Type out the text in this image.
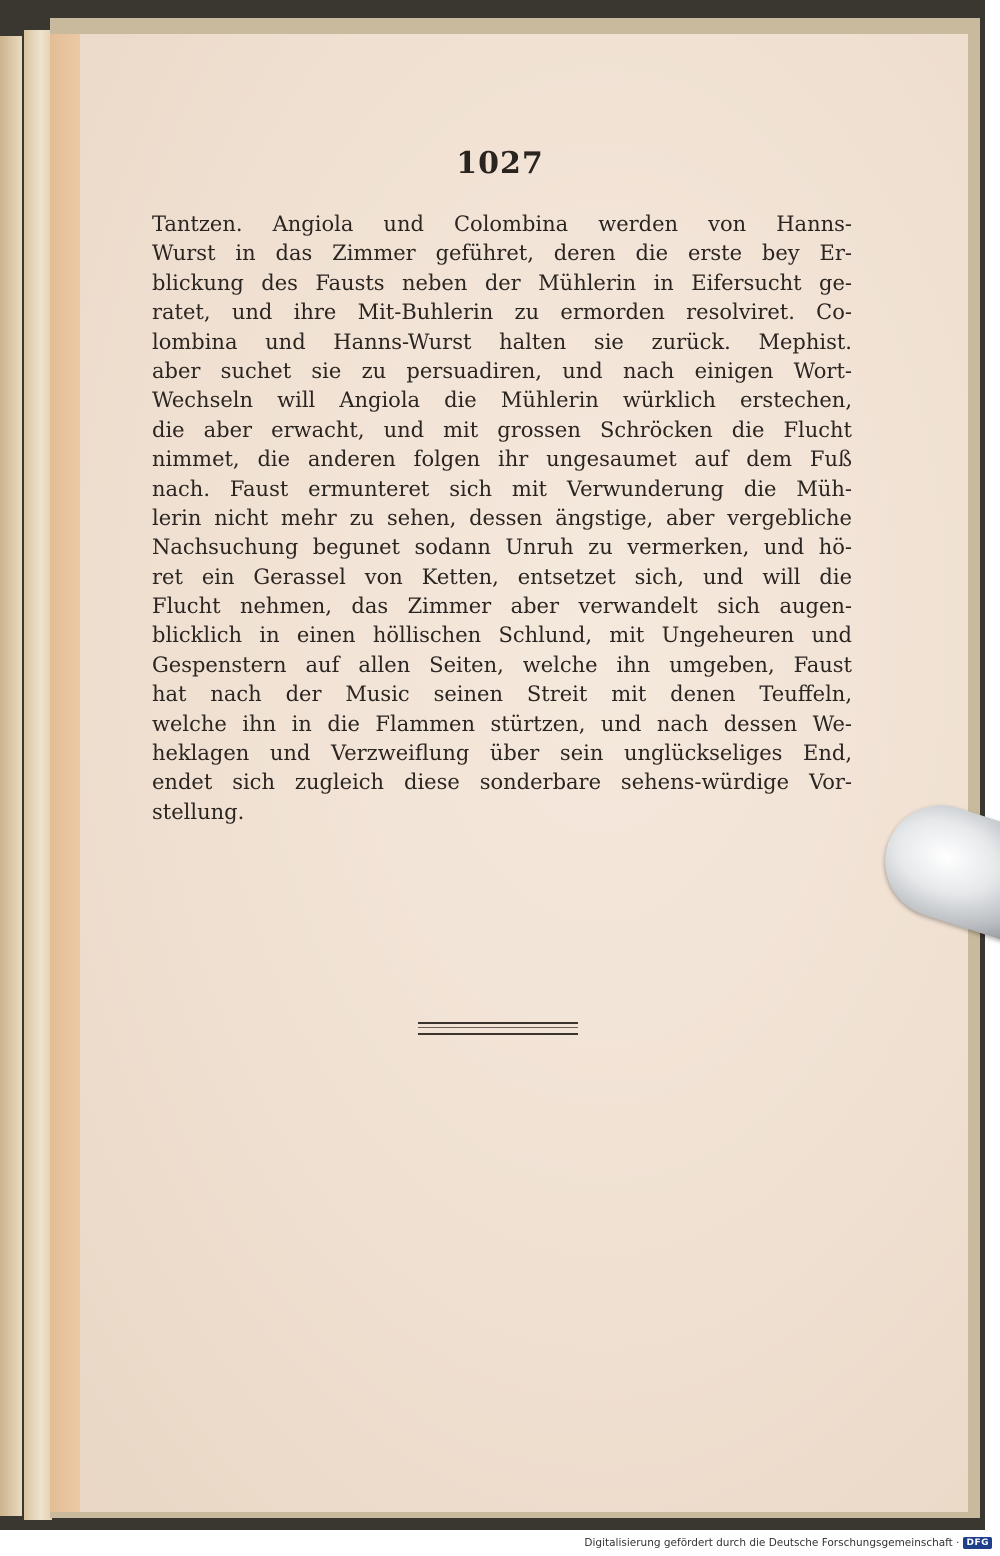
1027
Tantzen. Angiola und Colombina werden von Hanns-
Wurst in das Zimmer geführet, deren die erste bey Er-
blickung des Fausts neben der Mühlerin in Eifersucht ge-
ratet, und ihre Mit-Buhlerin zu ermorden resolviret. Co-
lombina und Hanns-Wurst halten sie zurück. Mephist.
aber suchet sie zu persuadiren, und nach einigen Wort-
Wechseln will Angiola die Mühlerin würklich erstechen,
die aber erwacht, und mit grossen Schröcken die Flucht
nimmet, die anderen folgen ihr ungesaumet auf dem Fuß
nach. Faust ermunteret sich mit Verwunderung die Müh-
lerin nicht mehr zu sehen, dessen ängstige, aber vergebliche
Nachsuchung begunet sodann Unruh zu vermerken, und hö-
ret ein Gerassel von Ketten, entsetzet sich, und will die
Flucht nehmen, das Zimmer aber verwandelt sich augen-
blicklich in einen höllischen Schlund, mit Ungeheuren und
Gespenstern auf allen Seiten, welche ihn umgeben, Faust
hat nach der Music seinen Streit mit denen Teuffeln,
welche ihn in die Flammen stürtzen, und nach dessen We-
heklagen und Verzweiflung über sein unglückseliges End,
endet sich zugleich diese sonderbare sehens-würdige Vor-
stellung.
Digitalisierung gefördert durch die Deutsche Forschungsgemeinschaft · DFG
